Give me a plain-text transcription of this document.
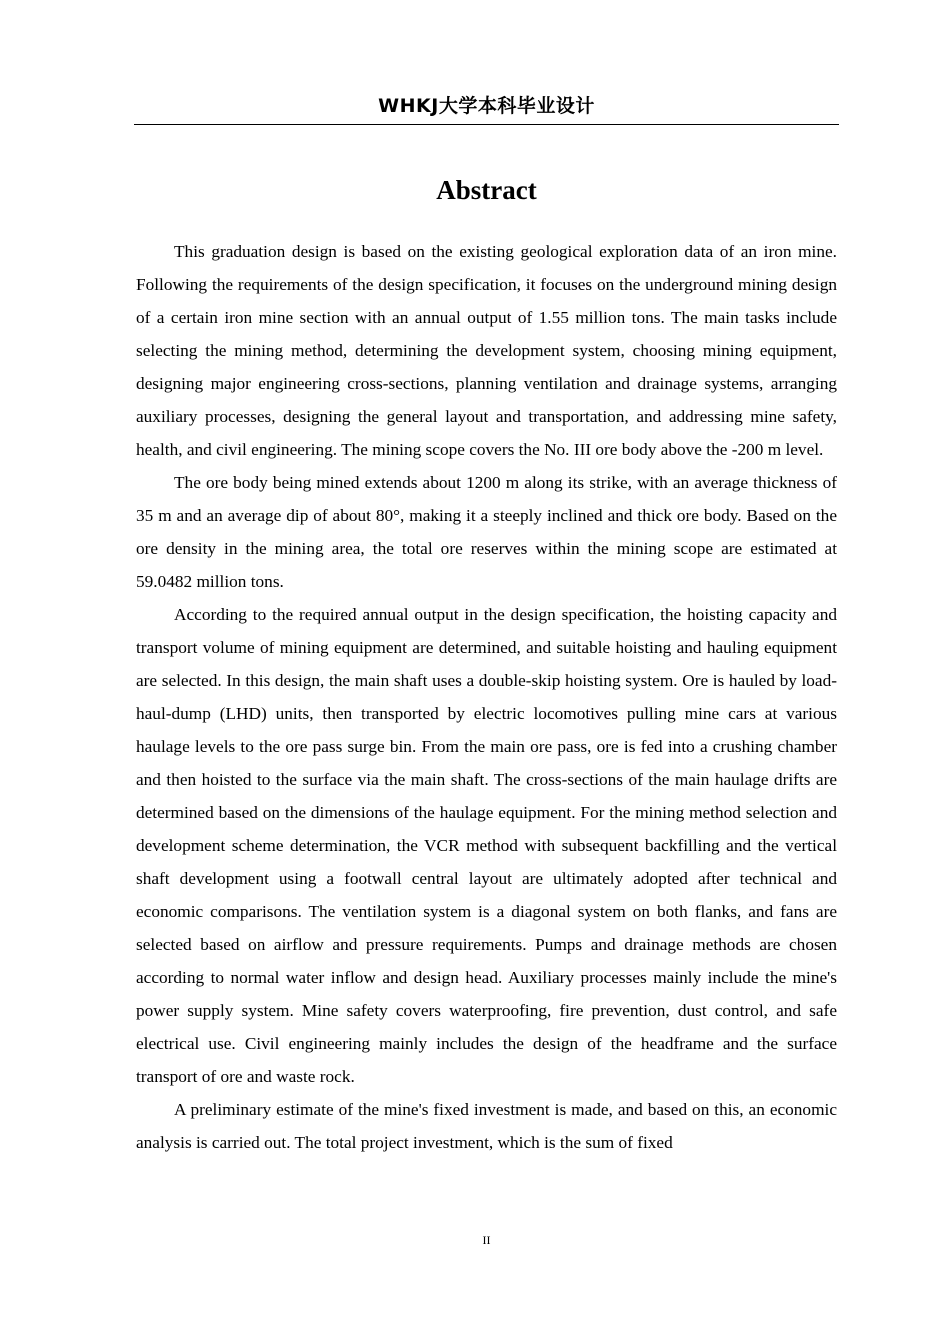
WHKJ大学本科毕业设计
Abstract

This graduation design is based on the existing geological exploration data of an iron mine. Following the requirements of the design specification, it focuses on the underground mining design of a certain iron mine section with an annual output of 1.55 million tons. The main tasks include selecting the mining method, determining the development system, choosing mining equipment, designing major engineering cross-sections, planning ventilation and drainage systems, arranging auxiliary processes, designing the general layout and transportation, and addressing mine safety, health, and civil engineering. The mining scope covers the No. III ore body above the -200 m level.

The ore body being mined extends about 1200 m along its strike, with an average thickness of 35 m and an average dip of about 80°, making it a steeply inclined and thick ore body. Based on the ore density in the mining area, the total ore reserves within the mining scope are estimated at 59.0482 million tons.

According to the required annual output in the design specification, the hoisting capacity and transport volume of mining equipment are determined, and suitable hoisting and hauling equipment are selected. In this design, the main shaft uses a double-skip hoisting system. Ore is hauled by load-haul-dump (LHD) units, then transported by electric locomotives pulling mine cars at various haulage levels to the ore pass surge bin. From the main ore pass, ore is fed into a crushing chamber and then hoisted to the surface via the main shaft. The cross-sections of the main haulage drifts are determined based on the dimensions of the haulage equipment. For the mining method selection and development scheme determination, the VCR method with subsequent backfilling and the vertical shaft development using a footwall central layout are ultimately adopted after technical and economic comparisons. The ventilation system is a diagonal system on both flanks, and fans are selected based on airflow and pressure requirements. Pumps and drainage methods are chosen according to normal water inflow and design head. Auxiliary processes mainly include the mine's power supply system. Mine safety covers waterproofing, fire prevention, dust control, and safe electrical use. Civil engineering mainly includes the design of the headframe and the surface transport of ore and waste rock.

A preliminary estimate of the mine's fixed investment is made, and based on this, an economic analysis is carried out. The total project investment, which is the sum of fixed

II
